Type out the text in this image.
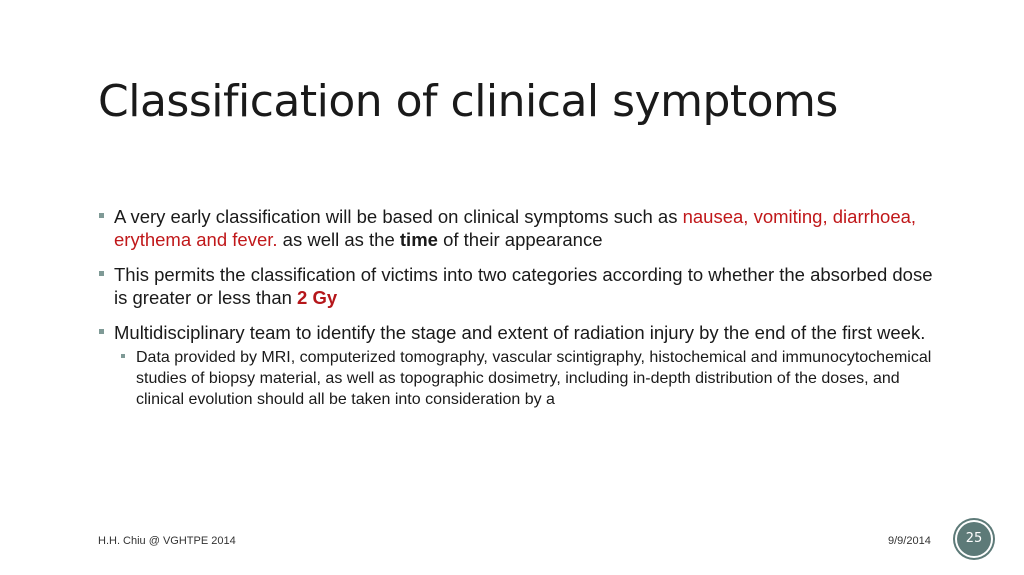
Classification of clinical symptoms
A very early classification will be based on clinical symptoms such as nausea, vomiting, diarrhoea, erythema and fever. as well as the time of their appearance
This permits the classification of victims into two categories according to whether the absorbed dose is greater or less than 2 Gy
Multidisciplinary team to identify the stage and extent of radiation injury by the end of the first week.
Data provided by MRI, computerized tomography, vascular scintigraphy, histochemical and immunocytochemical studies of biopsy material, as well as topographic dosimetry, including in-depth distribution of the doses, and clinical evolution should all be taken into consideration by a
H.H. Chiu @ VGHTPE 2014	9/9/2014	25
